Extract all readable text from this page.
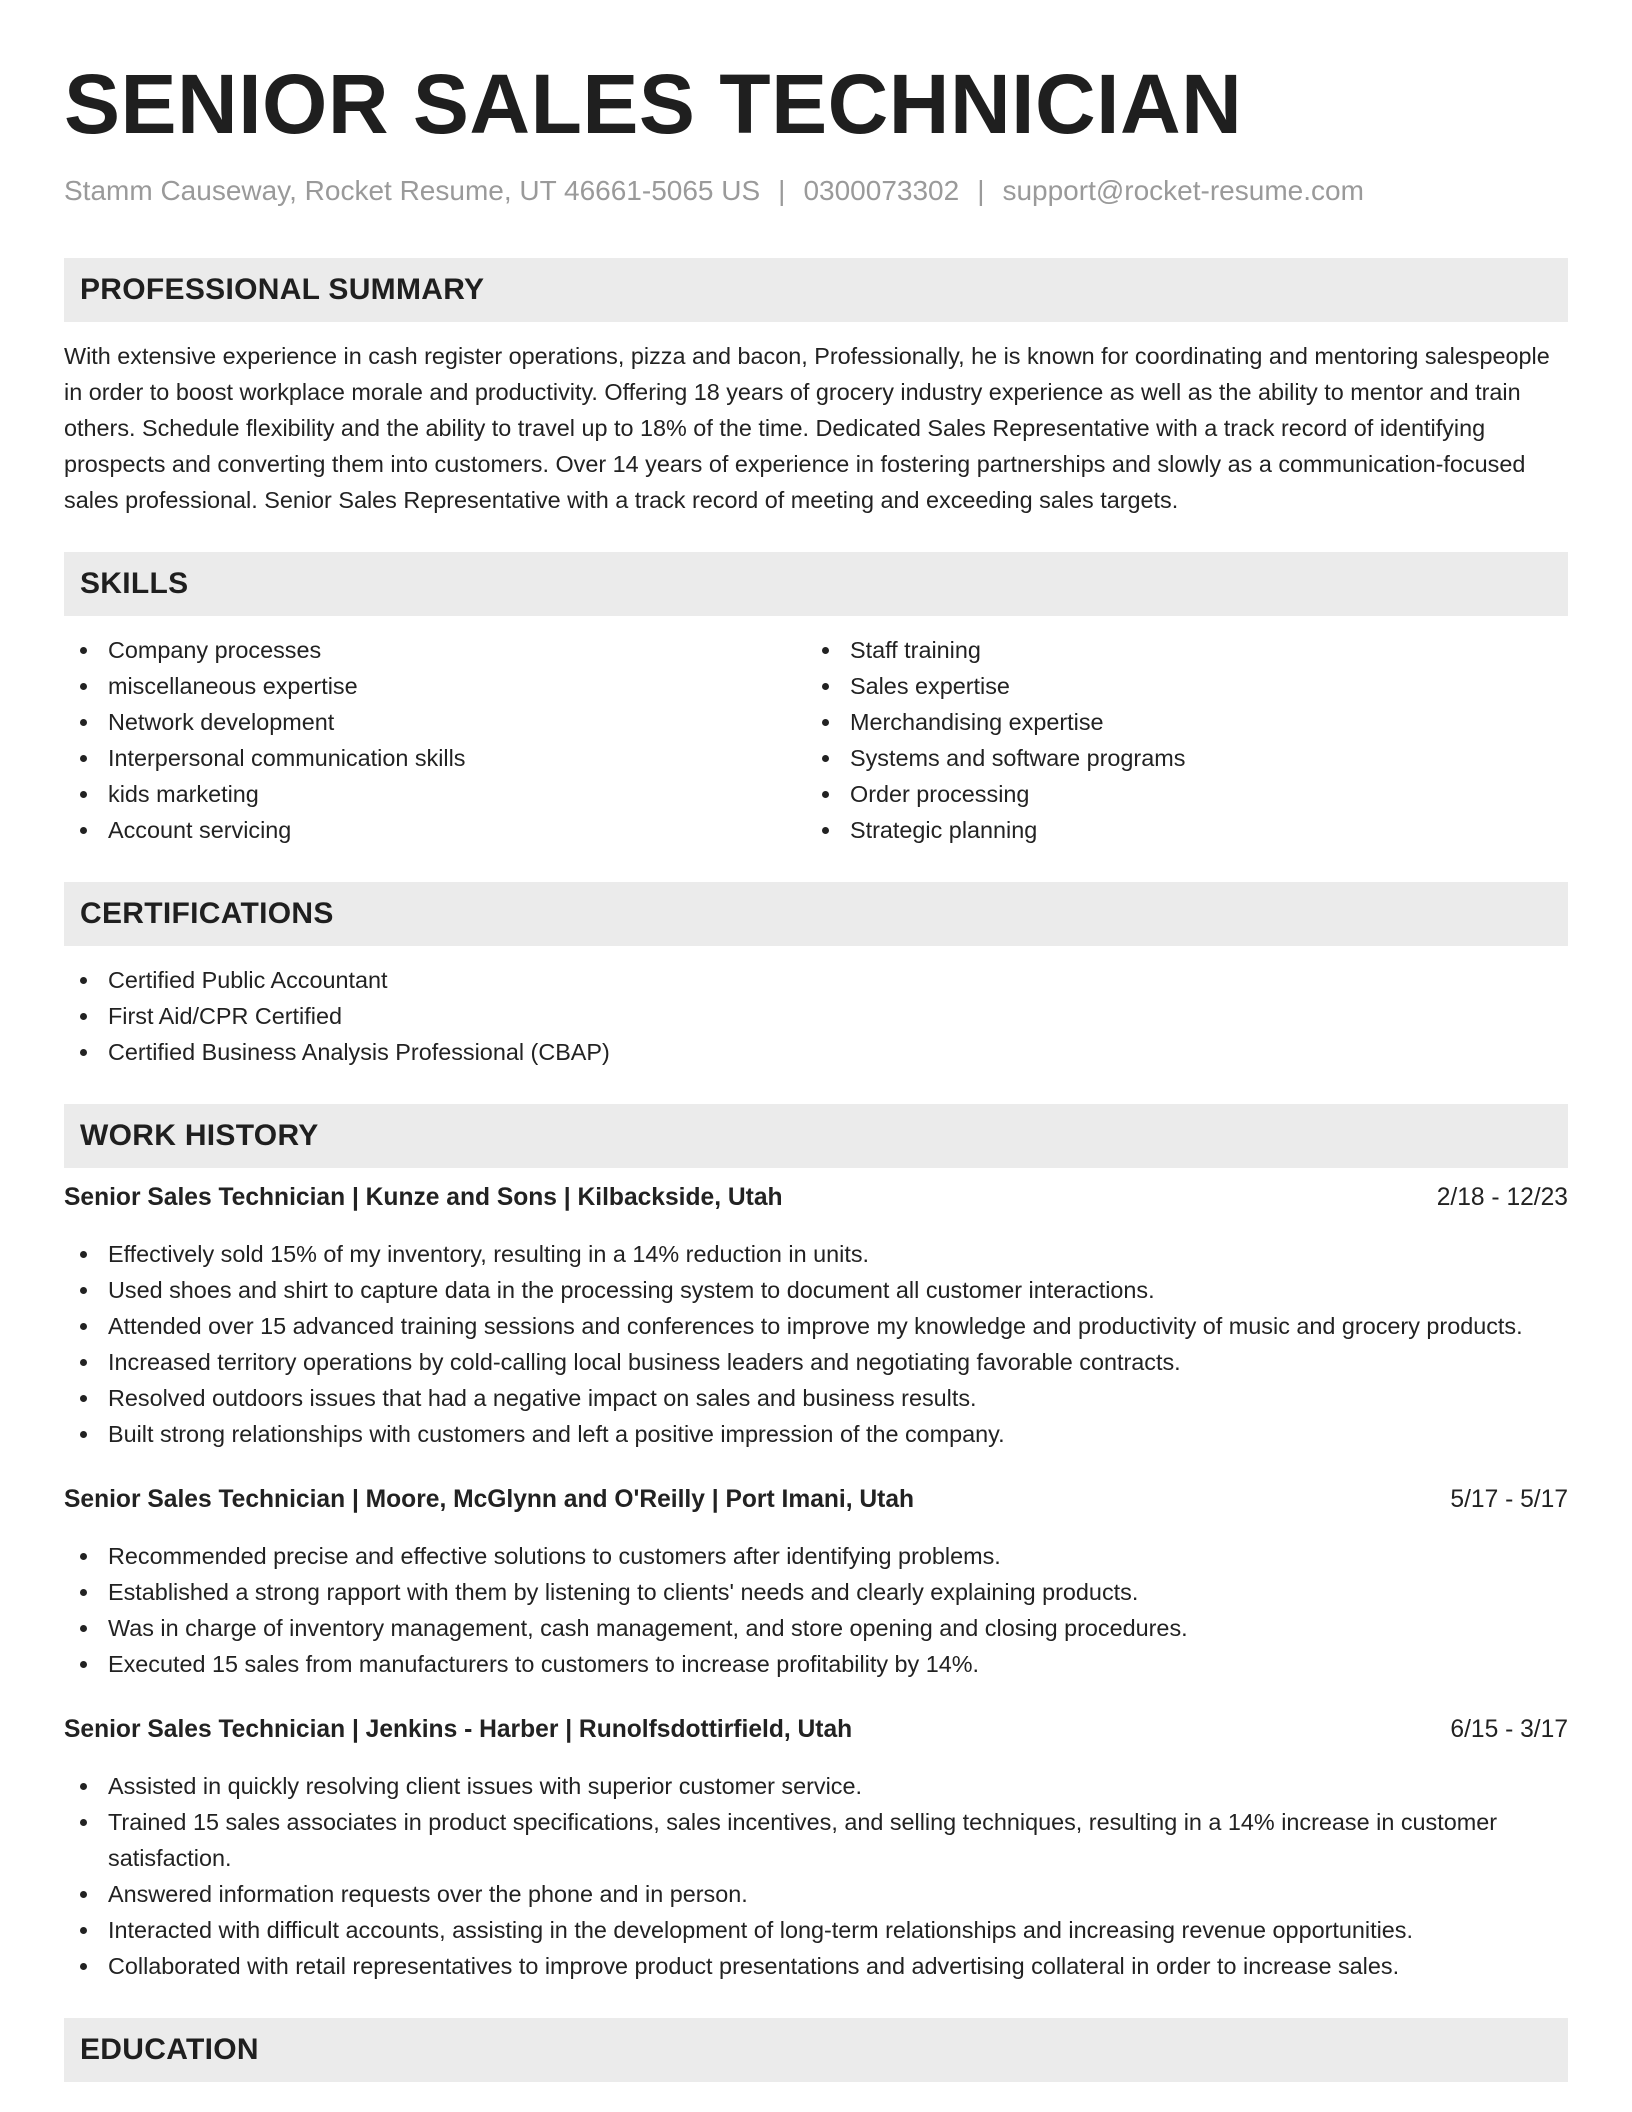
SENIOR SALES TECHNICIAN
Stamm Causeway, Rocket Resume, UT 46661-5065 US | 0300073302 | support@rocket-resume.com
PROFESSIONAL SUMMARY

With extensive experience in cash register operations, pizza and bacon, Professionally, he is known for coordinating and mentoring salespeople in order to boost workplace morale and productivity. Offering 18 years of grocery industry experience as well as the ability to mentor and train others. Schedule flexibility and the ability to travel up to 18% of the time. Dedicated Sales Representative with a track record of identifying prospects and converting them into customers. Over 14 years of experience in fostering partnerships and slowly as a communication-focused sales professional. Senior Sales Representative with a track record of meeting and exceeding sales targets.

SKILLS
Company processes
miscellaneous expertise
Network development
Interpersonal communication skills
kids marketing
Account servicing
Staff training
Sales expertise
Merchandising expertise
Systems and software programs
Order processing
Strategic planning
CERTIFICATIONS
Certified Public Accountant
First Aid/CPR Certified
Certified Business Analysis Professional (CBAP)
WORK HISTORY
Senior Sales Technician | Kunze and Sons | Kilbackside, Utah	2/18 - 12/23
Effectively sold 15% of my inventory, resulting in a 14% reduction in units.
Used shoes and shirt to capture data in the processing system to document all customer interactions.
Attended over 15 advanced training sessions and conferences to improve my knowledge and productivity of music and grocery products.
Increased territory operations by cold-calling local business leaders and negotiating favorable contracts.
Resolved outdoors issues that had a negative impact on sales and business results.
Built strong relationships with customers and left a positive impression of the company.
Senior Sales Technician | Moore, McGlynn and O'Reilly | Port Imani, Utah	5/17 - 5/17
Recommended precise and effective solutions to customers after identifying problems.
Established a strong rapport with them by listening to clients' needs and clearly explaining products.
Was in charge of inventory management, cash management, and store opening and closing procedures.
Executed 15 sales from manufacturers to customers to increase profitability by 14%.
Senior Sales Technician | Jenkins - Harber | Runolfsdottirfield, Utah	6/15 - 3/17
Assisted in quickly resolving client issues with superior customer service.
Trained 15 sales associates in product specifications, sales incentives, and selling techniques, resulting in a 14% increase in customer satisfaction.
Answered information requests over the phone and in person.
Interacted with difficult accounts, assisting in the development of long-term relationships and increasing revenue opportunities.
Collaborated with retail representatives to improve product presentations and advertising collateral in order to increase sales.
EDUCATION
